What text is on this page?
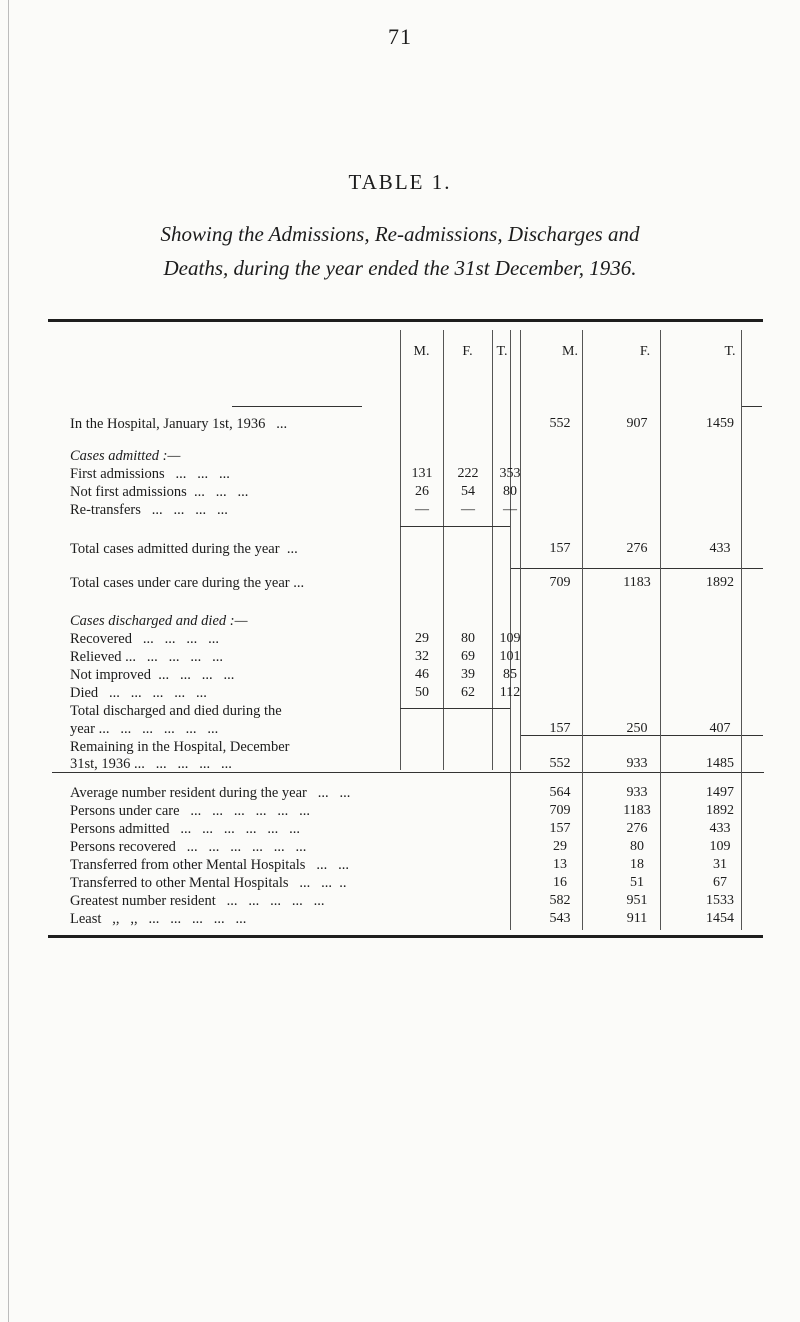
71
TABLE 1.
Showing the Admissions, Re-admissions, Discharges and
Deaths, during the year ended the 31st December, 1936.
M.	F.	T.	M.	F.	T.
In the Hospital, January 1st, 1936   ...	552	907	1459
Cases admitted :—
First admissions   ...   ...   ...	131	222	353
Not first admissions  ...   ...   ...	26	54	80
Re-transfers   ...   ...   ...   ...	—	—	—
Total cases admitted during the year  ...	157	276	433
Total cases under care during the year ...	709	1183	1892
Cases discharged and died :—
Recovered   ...   ...   ...   ...	29	80	109
Relieved ...   ...   ...   ...   ...	32	69	101
Not improved  ...   ...   ...   ...	46	39	85
Died   ...   ...   ...   ...   ...	50	62	112
Total discharged and died during the
year ...   ...   ...   ...   ...   ...	157	250	407
Remaining in the Hospital, December
31st, 1936 ...   ...   ...   ...   ...	552	933	1485
Average number resident during the year   ...   ...	564	933	1497
Persons under care   ...   ...   ...   ...   ...   ...	709	1183	1892
Persons admitted   ...   ...   ...   ...   ...   ...	157	276	433
Persons recovered   ...   ...   ...   ...   ...   ...	29	80	109
Transferred from other Mental Hospitals   ...   ...	13	18	31
Transferred to other Mental Hospitals   ...   ...  ..	16	51	67
Greatest number resident   ...   ...   ...   ...   ...	582	951	1533
Least   ,,   ,,   ...   ...   ...   ...   ...	543	911	1454
